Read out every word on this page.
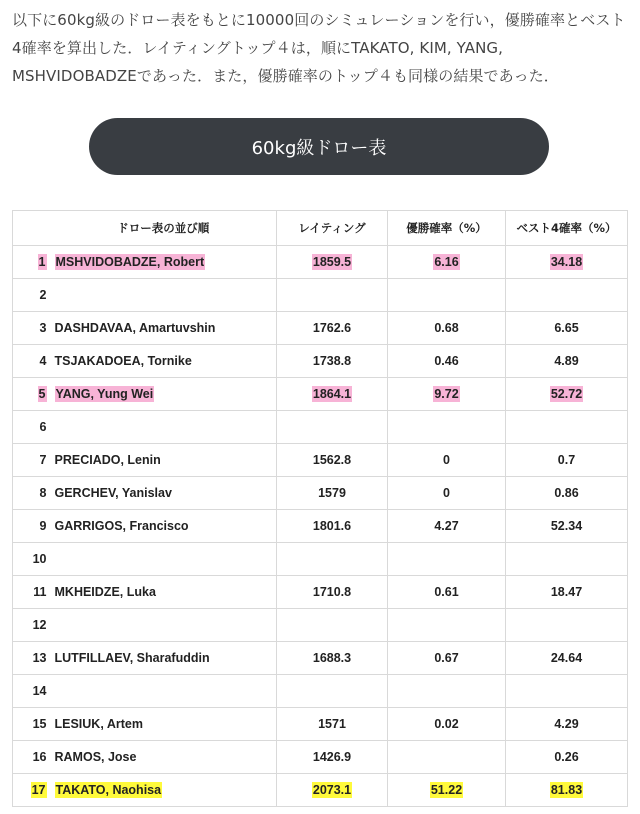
以下に60kg級のドロー表をもとに10000回のシミュレーションを行い，優勝確率とベスト4確率を算出した．レイティングトップ４は，順にTAKATO, KIM, YANG, MSHVIDOBADZEであった．また，優勝確率のトップ４も同様の結果であった．

60kg級ドロー表
	ドロー表の並び順	レイティング	優勝確率（%）	ベスト4確率（%）
1	MSHVIDOBADZE, Robert	1859.5	6.16	34.18
2				
3	DASHDAVAA, Amartuvshin	1762.6	0.68	6.65
4	TSJAKADOEA, Tornike	1738.8	0.46	4.89
5	YANG, Yung Wei	1864.1	9.72	52.72
6				
7	PRECIADO, Lenin	1562.8	0	0.7
8	GERCHEV, Yanislav	1579	0	0.86
9	GARRIGOS, Francisco	1801.6	4.27	52.34
10				
11	MKHEIDZE, Luka	1710.8	0.61	18.47
12				
13	LUTFILLAEV, Sharafuddin	1688.3	0.67	24.64
14				
15	LESIUK, Artem	1571	0.02	4.29
16	RAMOS, Jose	1426.9		0.26
17	TAKATO, Naohisa	2073.1	51.22	81.83
